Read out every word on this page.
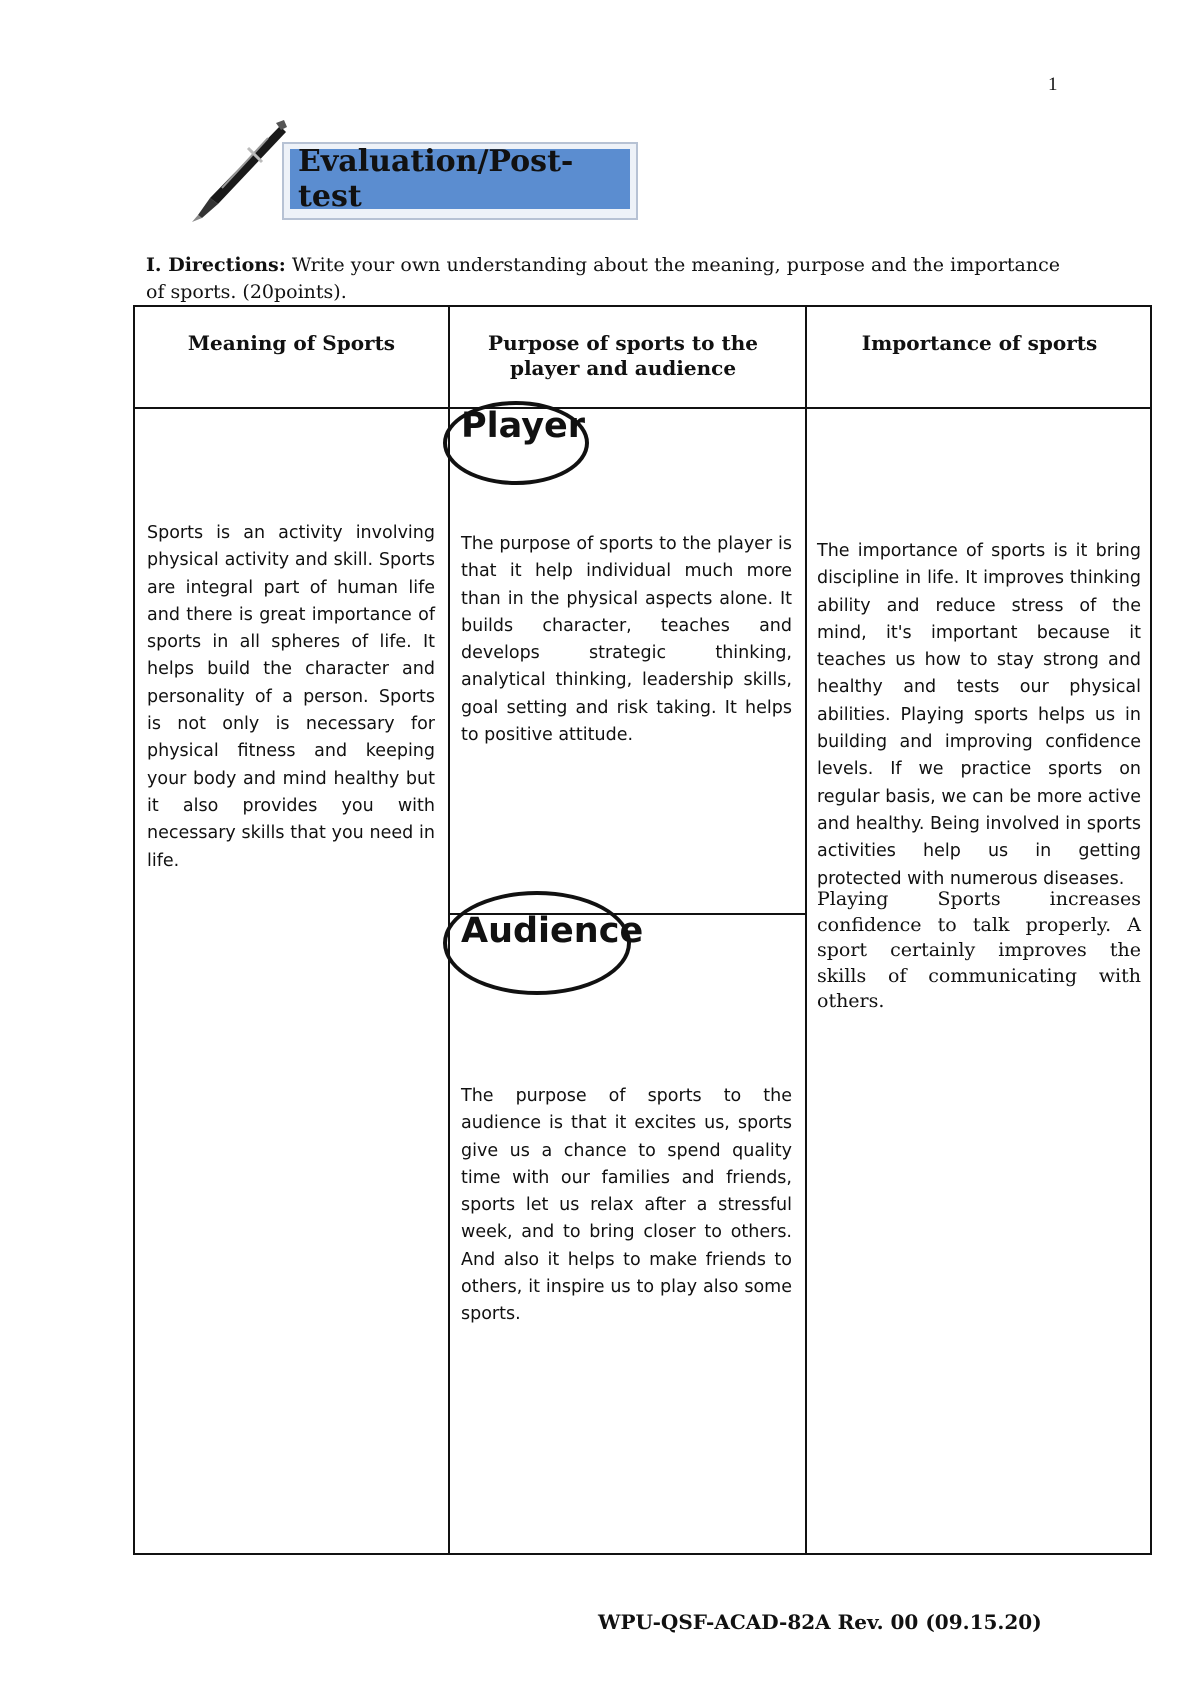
1
Evaluation/Post-test
I. Directions: Write your own understanding about the meaning, purpose and the importance of sports. (20points).
Meaning of Sports	Purpose of sports to the player and audience
Importance of sports
Sports is an activity involving physical activity and skill. Sports are integral part of human life and there is great importance of sports in all spheres of life. It helps build the character and personality of a person. Sports is not only is necessary for physical fitness and keeping your body and mind healthy but it also provides you with necessary skills that you need in life.
Player
The purpose of sports to the player is that it help individual much more than in the physical aspects alone. It builds character, teaches and develops strategic thinking, analytical thinking, leadership skills, goal setting and risk taking. It helps to positive attitude.
Audience
The purpose of sports to the audience is that it excites us, sports give us a chance to spend quality time with our families and friends, sports let us relax after a stressful week, and to bring closer to others. And also it helps to make friends to others, it inspire us to play also some sports.
The importance of sports is it bring discipline in life. It improves thinking ability and reduce stress of the mind, it's important because it teaches us how to stay strong and healthy and tests our physical abilities. Playing sports helps us in building and improving confidence levels. If we practice sports on regular basis, we can be more active and healthy. Being involved in sports activities help us in getting protected with numerous diseases.
Playing Sports increases confidence to talk properly. A sport certainly improves the skills of communicating with others.
WPU-QSF-ACAD-82A Rev. 00 (09.15.20)
